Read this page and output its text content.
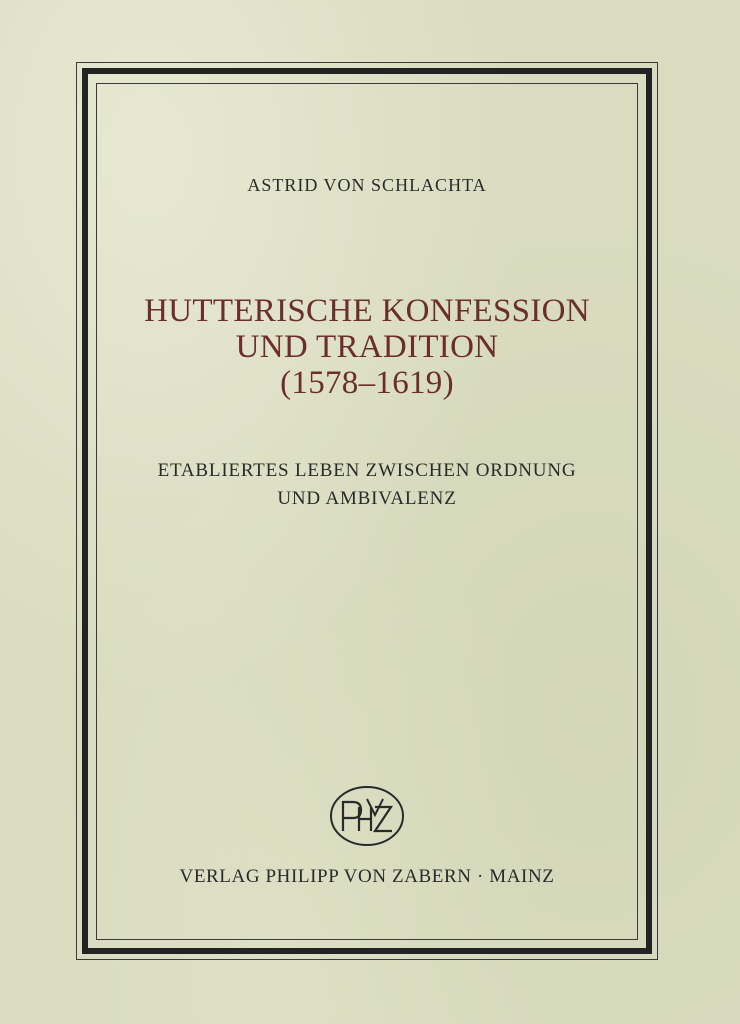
ASTRID VON SCHLACHTA
HUTTERISCHE KONFESSION
UND TRADITION
(1578–1619)
ETABLIERTES LEBEN ZWISCHEN ORDNUNG
UND AMBIVALENZ
VERLAG PHILIPP VON ZABERN · MAINZ
